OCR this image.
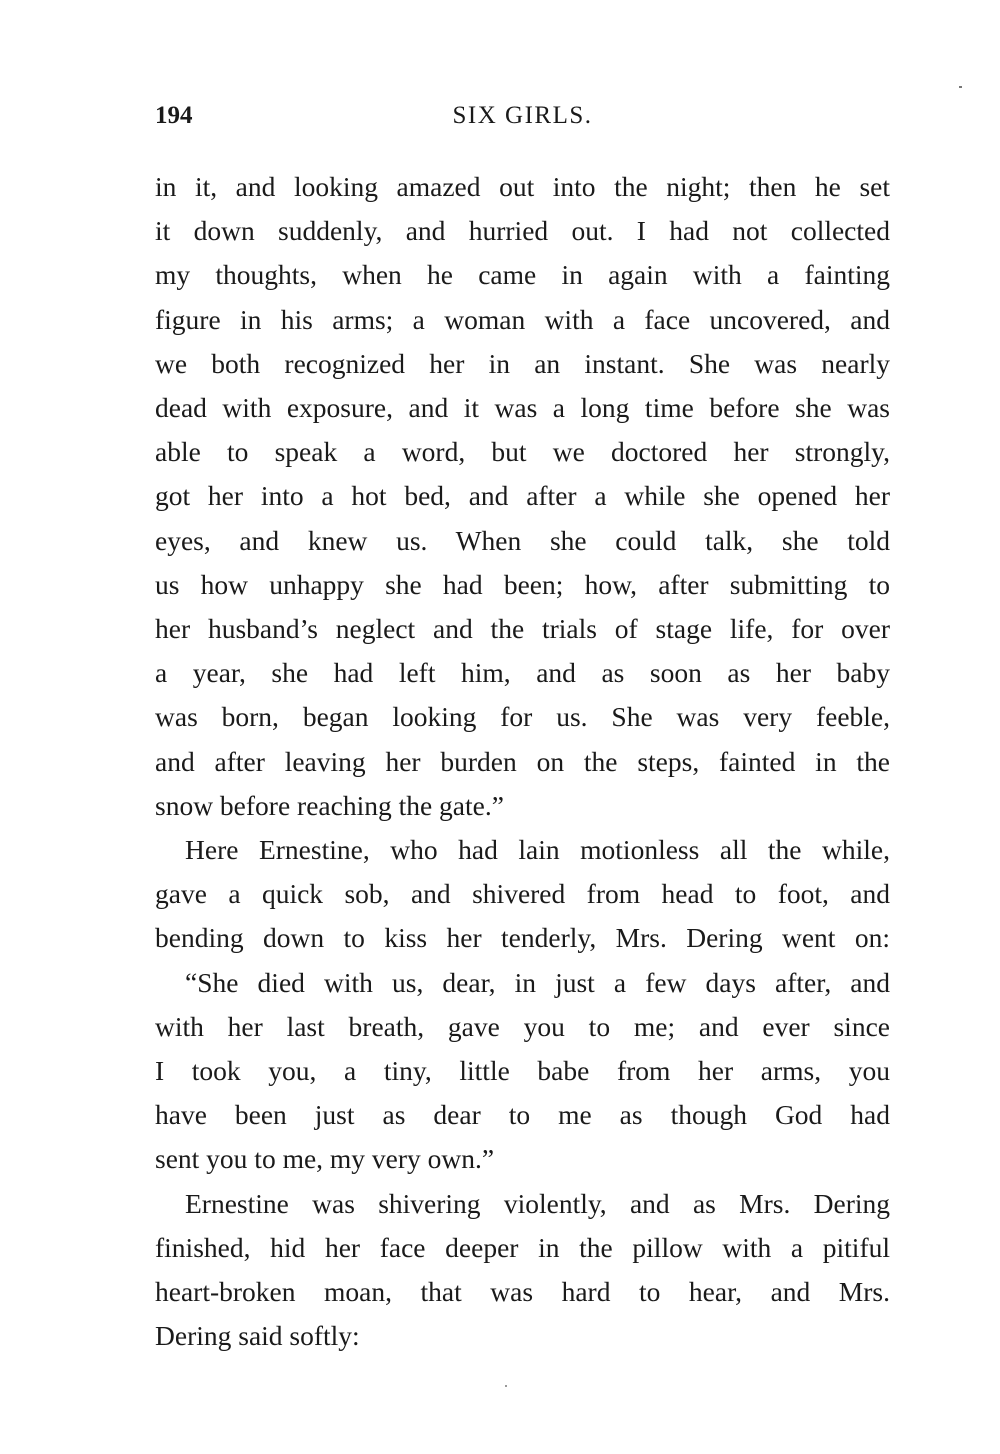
194	SIX GIRLS.
in it, and looking amazed out into the night; then he set
it down suddenly, and hurried out. I had not collected
my thoughts, when he came in again with a fainting
figure in his arms; a woman with a face uncovered, and
we both recognized her in an instant. She was nearly
dead with exposure, and it was a long time before she was
able to speak a word, but we doctored her strongly,
got her into a hot bed, and after a while she opened her
eyes, and knew us. When she could talk, she told
us how unhappy she had been; how, after submitting to
her husband’s neglect and the trials of stage life, for over
a year, she had left him, and as soon as her baby
was born, began looking for us. She was very feeble,
and after leaving her burden on the steps, fainted in the
snow before reaching the gate.”
Here Ernestine, who had lain motionless all the while,
gave a quick sob, and shivered from head to foot, and
bending down to kiss her tenderly, Mrs. Dering went on:
“She died with us, dear, in just a few days after, and
with her last breath, gave you to me; and ever since
I took you, a tiny, little babe from her arms, you
have been just as dear to me as though God had
sent you to me, my very own.”
Ernestine was shivering violently, and as Mrs. Dering
finished, hid her face deeper in the pillow with a pitiful
heart-broken moan, that was hard to hear, and Mrs.
Dering said softly:
